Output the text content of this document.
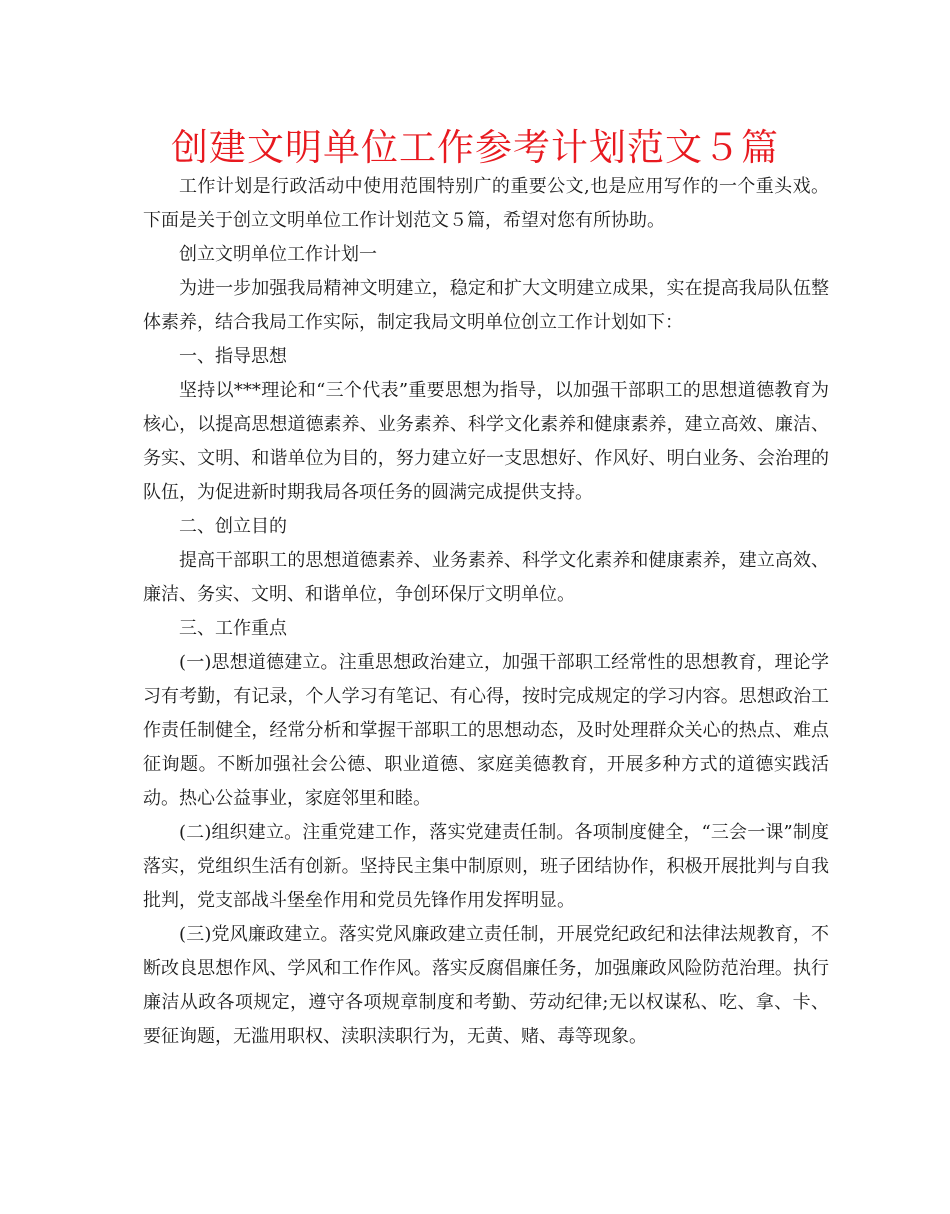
创建文明单位工作参考计划范文５篇

工作计划是行政活动中使用范围特别广的重要公文,也是应用写作的一个重头戏。下面是关于创立文明单位工作计划范文５篇，希望对您有所协助。

创立文明单位工作计划一

为进一步加强我局精神文明建立，稳定和扩大文明建立成果，实在提高我局队伍整体素养，结合我局工作实际，制定我局文明单位创立工作计划如下：

一、指导思想

坚持以***理论和“三个代表”重要思想为指导，以加强干部职工的思想道德教育为核心，以提高思想道德素养、业务素养、科学文化素养和健康素养，建立高效、廉洁、务实、文明、和谐单位为目的，努力建立好一支思想好、作风好、明白业务、会治理的队伍，为促进新时期我局各项任务的圆满完成提供支持。

二、创立目的

提高干部职工的思想道德素养、业务素养、科学文化素养和健康素养，建立高效、廉洁、务实、文明、和谐单位，争创环保厅文明单位。

三、工作重点

(一)思想道德建立。注重思想政治建立，加强干部职工经常性的思想教育，理论学习有考勤，有记录，个人学习有笔记、有心得，按时完成规定的学习内容。思想政治工作责任制健全，经常分析和掌握干部职工的思想动态，及时处理群众关心的热点、难点征询题。不断加强社会公德、职业道德、家庭美德教育，开展多种方式的道德实践活动。热心公益事业，家庭邻里和睦。

(二)组织建立。注重党建工作，落实党建责任制。各项制度健全，“三会一课”制度落实，党组织生活有创新。坚持民主集中制原则，班子团结协作，积极开展批判与自我批判，党支部战斗堡垒作用和党员先锋作用发挥明显。

(三)党风廉政建立。落实党风廉政建立责任制，开展党纪政纪和法律法规教育，不断改良思想作风、学风和工作作风。落实反腐倡廉任务，加强廉政风险防范治理。执行廉洁从政各项规定，遵守各项规章制度和考勤、劳动纪律;无以权谋私、吃、拿、卡、要征询题，无滥用职权、渎职渎职行为，无黄、赌、毒等现象。
